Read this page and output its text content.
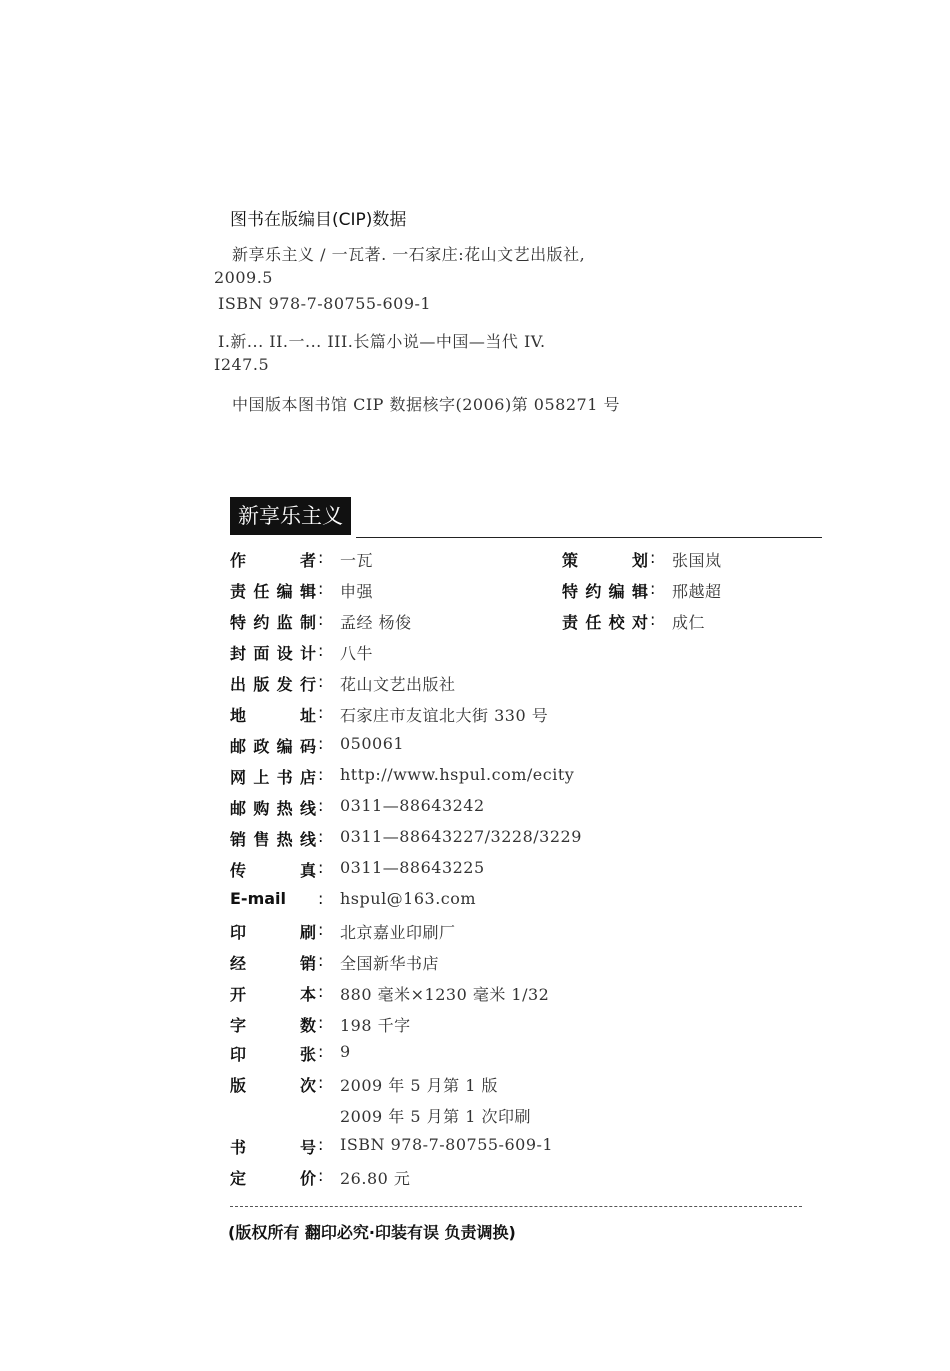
图书在版编目(CIP)数据
新享乐主义 / 一瓦著. 一石家庄:花山文艺出版社,
2009.5
ISBN 978-7-80755-609-1
I.新... II.一... III.长篇小说—中国—当代 IV.
I247.5
中国版本图书馆 CIP 数据核字(2006)第 058271 号
新享乐主义
作者 : 一瓦	策划 : 张国岚
责任编辑 : 申强	特约编辑 : 邢越超
特约监制 : 孟经 杨俊	责任校对 : 成仁
封面设计 : 八牛
出版发行 : 花山文艺出版社
地址 : 石家庄市友谊北大街 330 号
邮政编码 : 050061
网上书店 : http://www.hspul.com/ecity
邮购热线 : 0311—88643242
销售热线 : 0311—88643227/3228/3229
传真 : 0311—88643225
E-mail	: hspul@163.com
印刷 : 北京嘉业印刷厂
经销 : 全国新华书店
开本 : 880 毫米×1230 毫米 1/32
字数 : 198 千字
印张 : 9
版次 : 2009 年 5 月第 1 版
2009 年 5 月第 1 次印刷
书号 : ISBN 978-7-80755-609-1
定价 : 26.80 元
(版权所有 翻印必究·印装有误 负责调换)
